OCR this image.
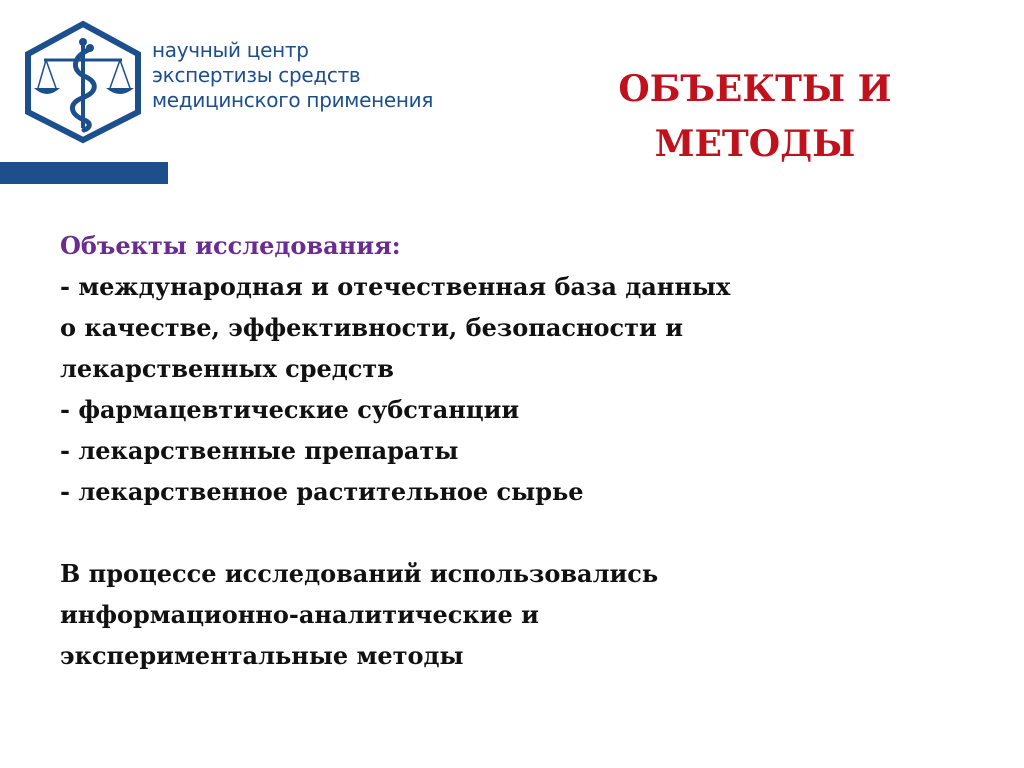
научный центр
экспертизы средств
медицинского применения	ОБЪЕКТЫ И
МЕТОДЫ
Объекты исследования:
- международная и отечественная база данных
о качестве, эффективности, безопасности и
лекарственных средств
- фармацевтические субстанции
- лекарственные препараты
- лекарственное растительное сырье
В процессе исследований использовались
информационно-аналитические и
экспериментальные методы
